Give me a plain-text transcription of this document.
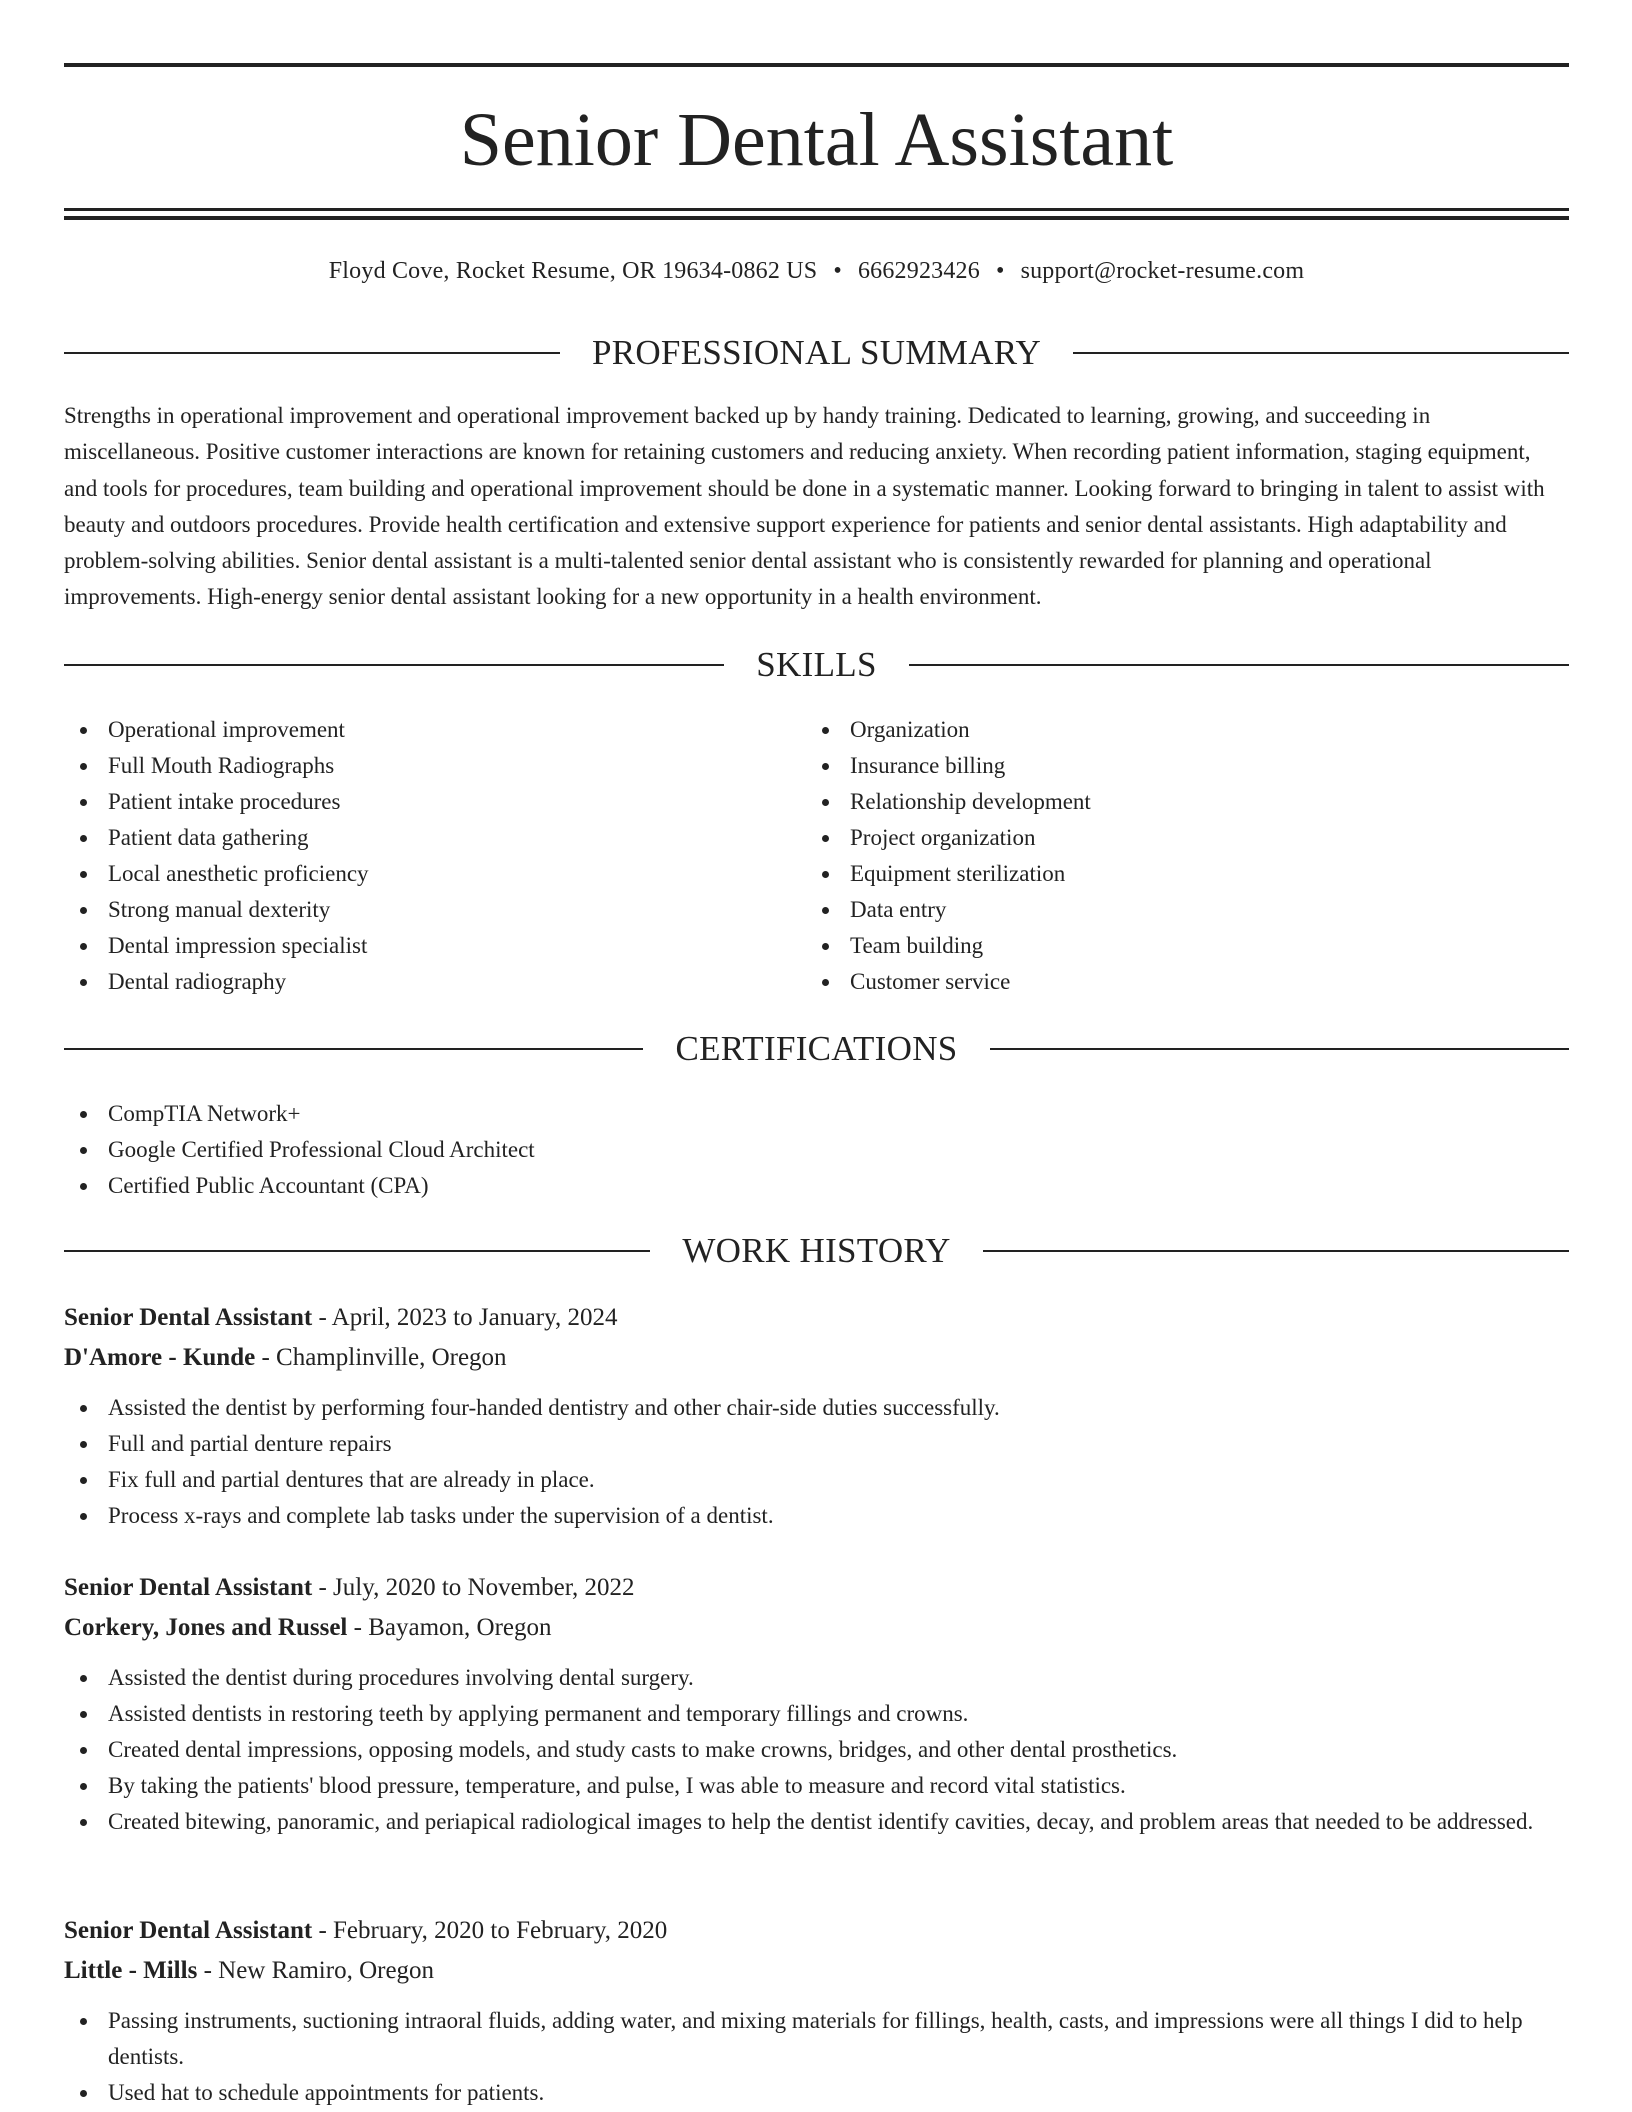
Senior Dental Assistant
Floyd Cove, Rocket Resume, OR 19634-0862 US • 6662923426 • support@rocket-resume.com
PROFESSIONAL SUMMARY

Strengths in operational improvement and operational improvement backed up by handy training. Dedicated to learning, growing, and succeeding in miscellaneous. Positive customer interactions are known for retaining customers and reducing anxiety. When recording patient information, staging equipment, and tools for procedures, team building and operational improvement should be done in a systematic manner. Looking forward to bringing in talent to assist with beauty and outdoors procedures. Provide health certification and extensive support experience for patients and senior dental assistants. High adaptability and problem-solving abilities. Senior dental assistant is a multi-talented senior dental assistant who is consistently rewarded for planning and operational improvements. High-energy senior dental assistant looking for a new opportunity in a health environment.

SKILLS
Operational improvement
Full Mouth Radiographs
Patient intake procedures
Patient data gathering
Local anesthetic proficiency
Strong manual dexterity
Dental impression specialist
Dental radiography
Organization
Insurance billing
Relationship development
Project organization
Equipment sterilization
Data entry
Team building
Customer service
CERTIFICATIONS
CompTIA Network+
Google Certified Professional Cloud Architect
Certified Public Accountant (CPA)
WORK HISTORY
Senior Dental Assistant - April, 2023 to January, 2024
D'Amore - Kunde - Champlinville, Oregon
Assisted the dentist by performing four-handed dentistry and other chair-side duties successfully.
Full and partial denture repairs
Fix full and partial dentures that are already in place.
Process x-rays and complete lab tasks under the supervision of a dentist.
Senior Dental Assistant - July, 2020 to November, 2022
Corkery, Jones and Russel - Bayamon, Oregon
Assisted the dentist during procedures involving dental surgery.
Assisted dentists in restoring teeth by applying permanent and temporary fillings and crowns.
Created dental impressions, opposing models, and study casts to make crowns, bridges, and other dental prosthetics.
By taking the patients' blood pressure, temperature, and pulse, I was able to measure and record vital statistics.
Created bitewing, panoramic, and periapical radiological images to help the dentist identify cavities, decay, and problem areas that needed to be addressed.
Senior Dental Assistant - February, 2020 to February, 2020
Little - Mills - New Ramiro, Oregon
Passing instruments, suctioning intraoral fluids, adding water, and mixing materials for fillings, health, casts, and impressions were all things I did to help dentists.
Used hat to schedule appointments for patients.
